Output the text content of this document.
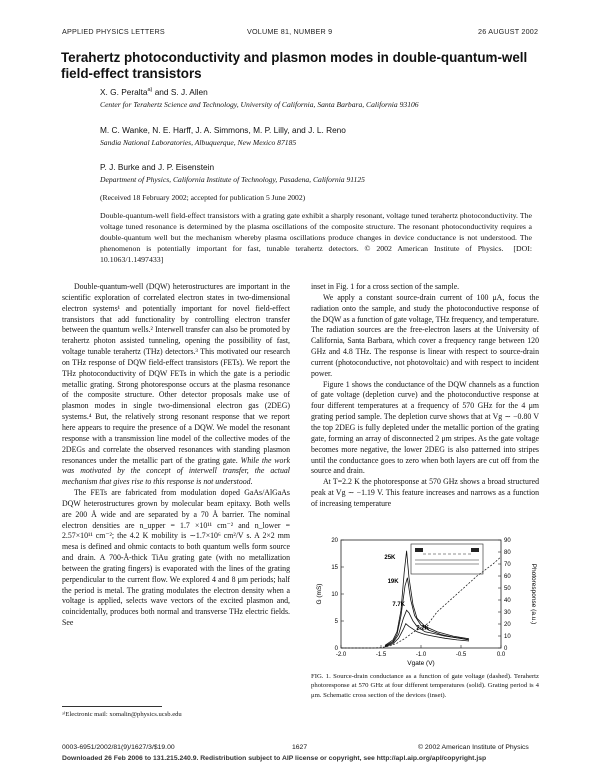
APPLIED PHYSICS LETTERS	VOLUME 81, NUMBER 9	26 AUGUST 2002
Terahertz photoconductivity and plasmon modes in double-quantum-well field-effect transistors
X. G. Peralta$^{a)}$ and S. J. Allen
Center for Terahertz Science and Technology, University of California, Santa Barbara, California 93106
M. C. Wanke, N. E. Harff, J. A. Simmons, M. P. Lilly, and J. L. Reno
Sandia National Laboratories, Albuquerque, New Mexico 87185
P. J. Burke and J. P. Eisenstein
Department of Physics, California Institute of Technology, Pasadena, California 91125
(Received 18 February 2002; accepted for publication 5 June 2002)
Double-quantum-well field-effect transistors with a grating gate exhibit a sharply resonant, voltage tuned terahertz photoconductivity. The voltage tuned resonance is determined by the plasma oscillations of the composite structure. The resonant photoconductivity requires a double-quantum well but the mechanism whereby plasma oscillations produce changes in device conductance is not understood. The phenomenon is potentially important for fast, tunable terahertz detectors. © 2002 American Institute of Physics. [DOI: 10.1063/1.1497433]

Double-quantum-well (DQW) heterostructures are important in the scientific exploration of correlated electron states in two-dimensional electron systems¹ and potentially important for novel field-effect transistors that add functionality by controlling electron transfer between the quantum wells.² Interwell transfer can also be promoted by terahertz photon assisted tunneling, opening the possibility of fast, voltage tunable terahertz (THz) detectors.³ This motivated our research on THz response of DQW field-effect transistors (FETs). We report the THz photoconductivity of DQW FETs in which the gate is a periodic metallic grating. Strong photoresponse occurs at the plasma resonance of the composite structure. Other detector proposals make use of plasmon modes in single two-dimensional electron gas (2DEG) systems.⁴ But, the relatively strong resonant response that we report here appears to require the presence of a DQW. We model the resonant response with a transmission line model of the collective modes of the 2DEGs and correlate the observed resonances with standing plasmon resonances under the metallic part of the grating gate. While the work was motivated by the concept of interwell transfer, the actual mechanism that gives rise to this response is not understood.

The FETs are fabricated from modulation doped GaAs/AlGaAs DQW heterostructures grown by molecular beam epitaxy. Both wells are 200 Å wide and are separated by a 70 Å barrier. The nominal electron densities are n_upper = 1.7 ×10¹¹ cm⁻² and n_lower = 2.57×10¹¹ cm⁻²; the 4.2 K mobility is ∼1.7×10⁶ cm²/V s. A 2×2 mm mesa is defined and ohmic contacts to both quantum wells form source and drain. A 700-Å-thick TiAu grating gate (with no metallization between the grating fingers) is evaporated with the lines of the grating perpendicular to the current flow. We explored 4 and 8 μm periods; half the period is metal. The grating modulates the electron density when a voltage is applied, selects wave vectors of the excited plasmon and, coincidentally, produces both normal and transverse THz electric fields. See

inset in Fig. 1 for a cross section of the sample.

We apply a constant source-drain current of 100 μA, focus the radiation onto the sample, and study the photoconductive response of the DQW as a function of gate voltage, THz frequency, and temperature. The radiation sources are the free-electron lasers at the University of California, Santa Barbara, which cover a frequency range between 120 GHz and 4.8 THz. The response is linear with respect to source-drain current (photoconductive, not photovoltaic) and with respect to incident power.

Figure 1 shows the conductance of the DQW channels as a function of gate voltage (depletion curve) and the photoconductive response at four different temperatures at a frequency of 570 GHz for the 4 μm grating period sample. The depletion curve shows that at Vg ∼ −0.80 V the top 2DEG is fully depleted under the metallic portion of the grating gate, forming an array of disconnected 2 μm stripes. As the gate voltage becomes more negative, the lower 2DEG is also patterned into stripes until the conductance goes to zero when both layers are cut off from the source and drain.

At T=2.2 K the photoresponse at 570 GHz shows a broad structured peak at Vg ∼ −1.19 V. This feature increases and narrows as a function of increasing temperature

-2.0	-1.5	-1.0	-0.5	0.0
0
5
10
15
20
0
10
20
30
40
50
60
70
80
90
Vgate (V)
G (mS)	Photoresponse (a.u.)
25K
19K
7.7K
2.2K
FIG. 1. Source-drain conductance as a function of gate voltage (dashed). Terahertz photoresponse at 570 GHz at four different temperatures (solid). Grating period is 4 μm. Schematic cross section of the devices (inset).
ᵃ⁾Electronic mail: xomalin@physics.ucsb.edu
0003-6951/2002/81(9)/1627/3/$19.00	1627	© 2002 American Institute of Physics
Downloaded 26 Feb 2006 to 131.215.240.9. Redistribution subject to AIP license or copyright, see http://apl.aip.org/apl/copyright.jsp
